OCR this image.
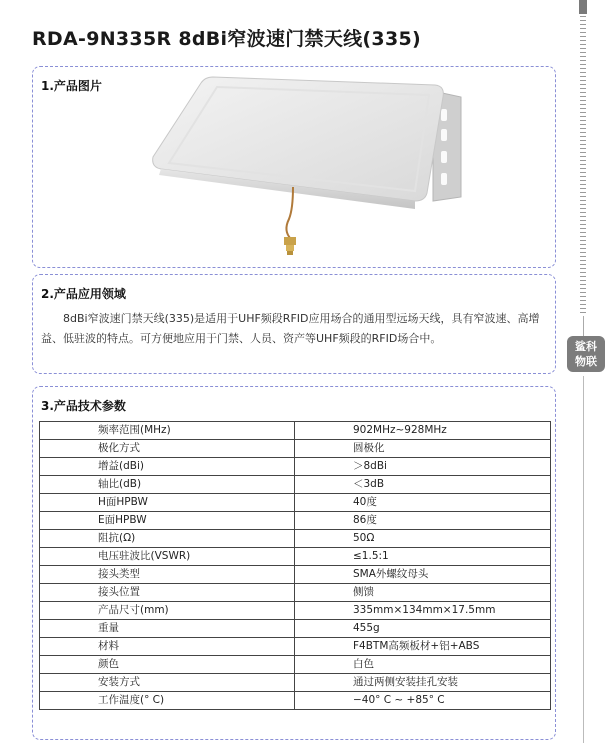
RDA-9N335R 8dBi窄波速门禁天线(335)
1.产品图片
2.产品应用领域
8dBi窄波速门禁天线(335)是适用于UHF频段RFID应用场合的通用型远场天线，具有窄波速、高增益、低驻波的特点。可方便地应用于门禁、人员、资产等UHF频段的RFID场合中。
3.产品技术参数
频率范围(MHz)	902MHz~928MHz
极化方式	圆极化
增益(dBi)	＞8dBi
轴比(dB)	＜3dB
H面HPBW	40度
E面HPBW	86度
阻抗(Ω)	50Ω
电压驻波比(VSWR)	≤1.5:1
接头类型	SMA外螺纹母头
接头位置	侧馈
产品尺寸(mm)	335mm×134mm×17.5mm
重量	455g
材料	F4BTM高频板材+铝+ABS
颜色	白色
安装方式	通过两侧安装挂孔安装
工作温度(° C)	−40° C ~ +85° C
鲨科
物联
